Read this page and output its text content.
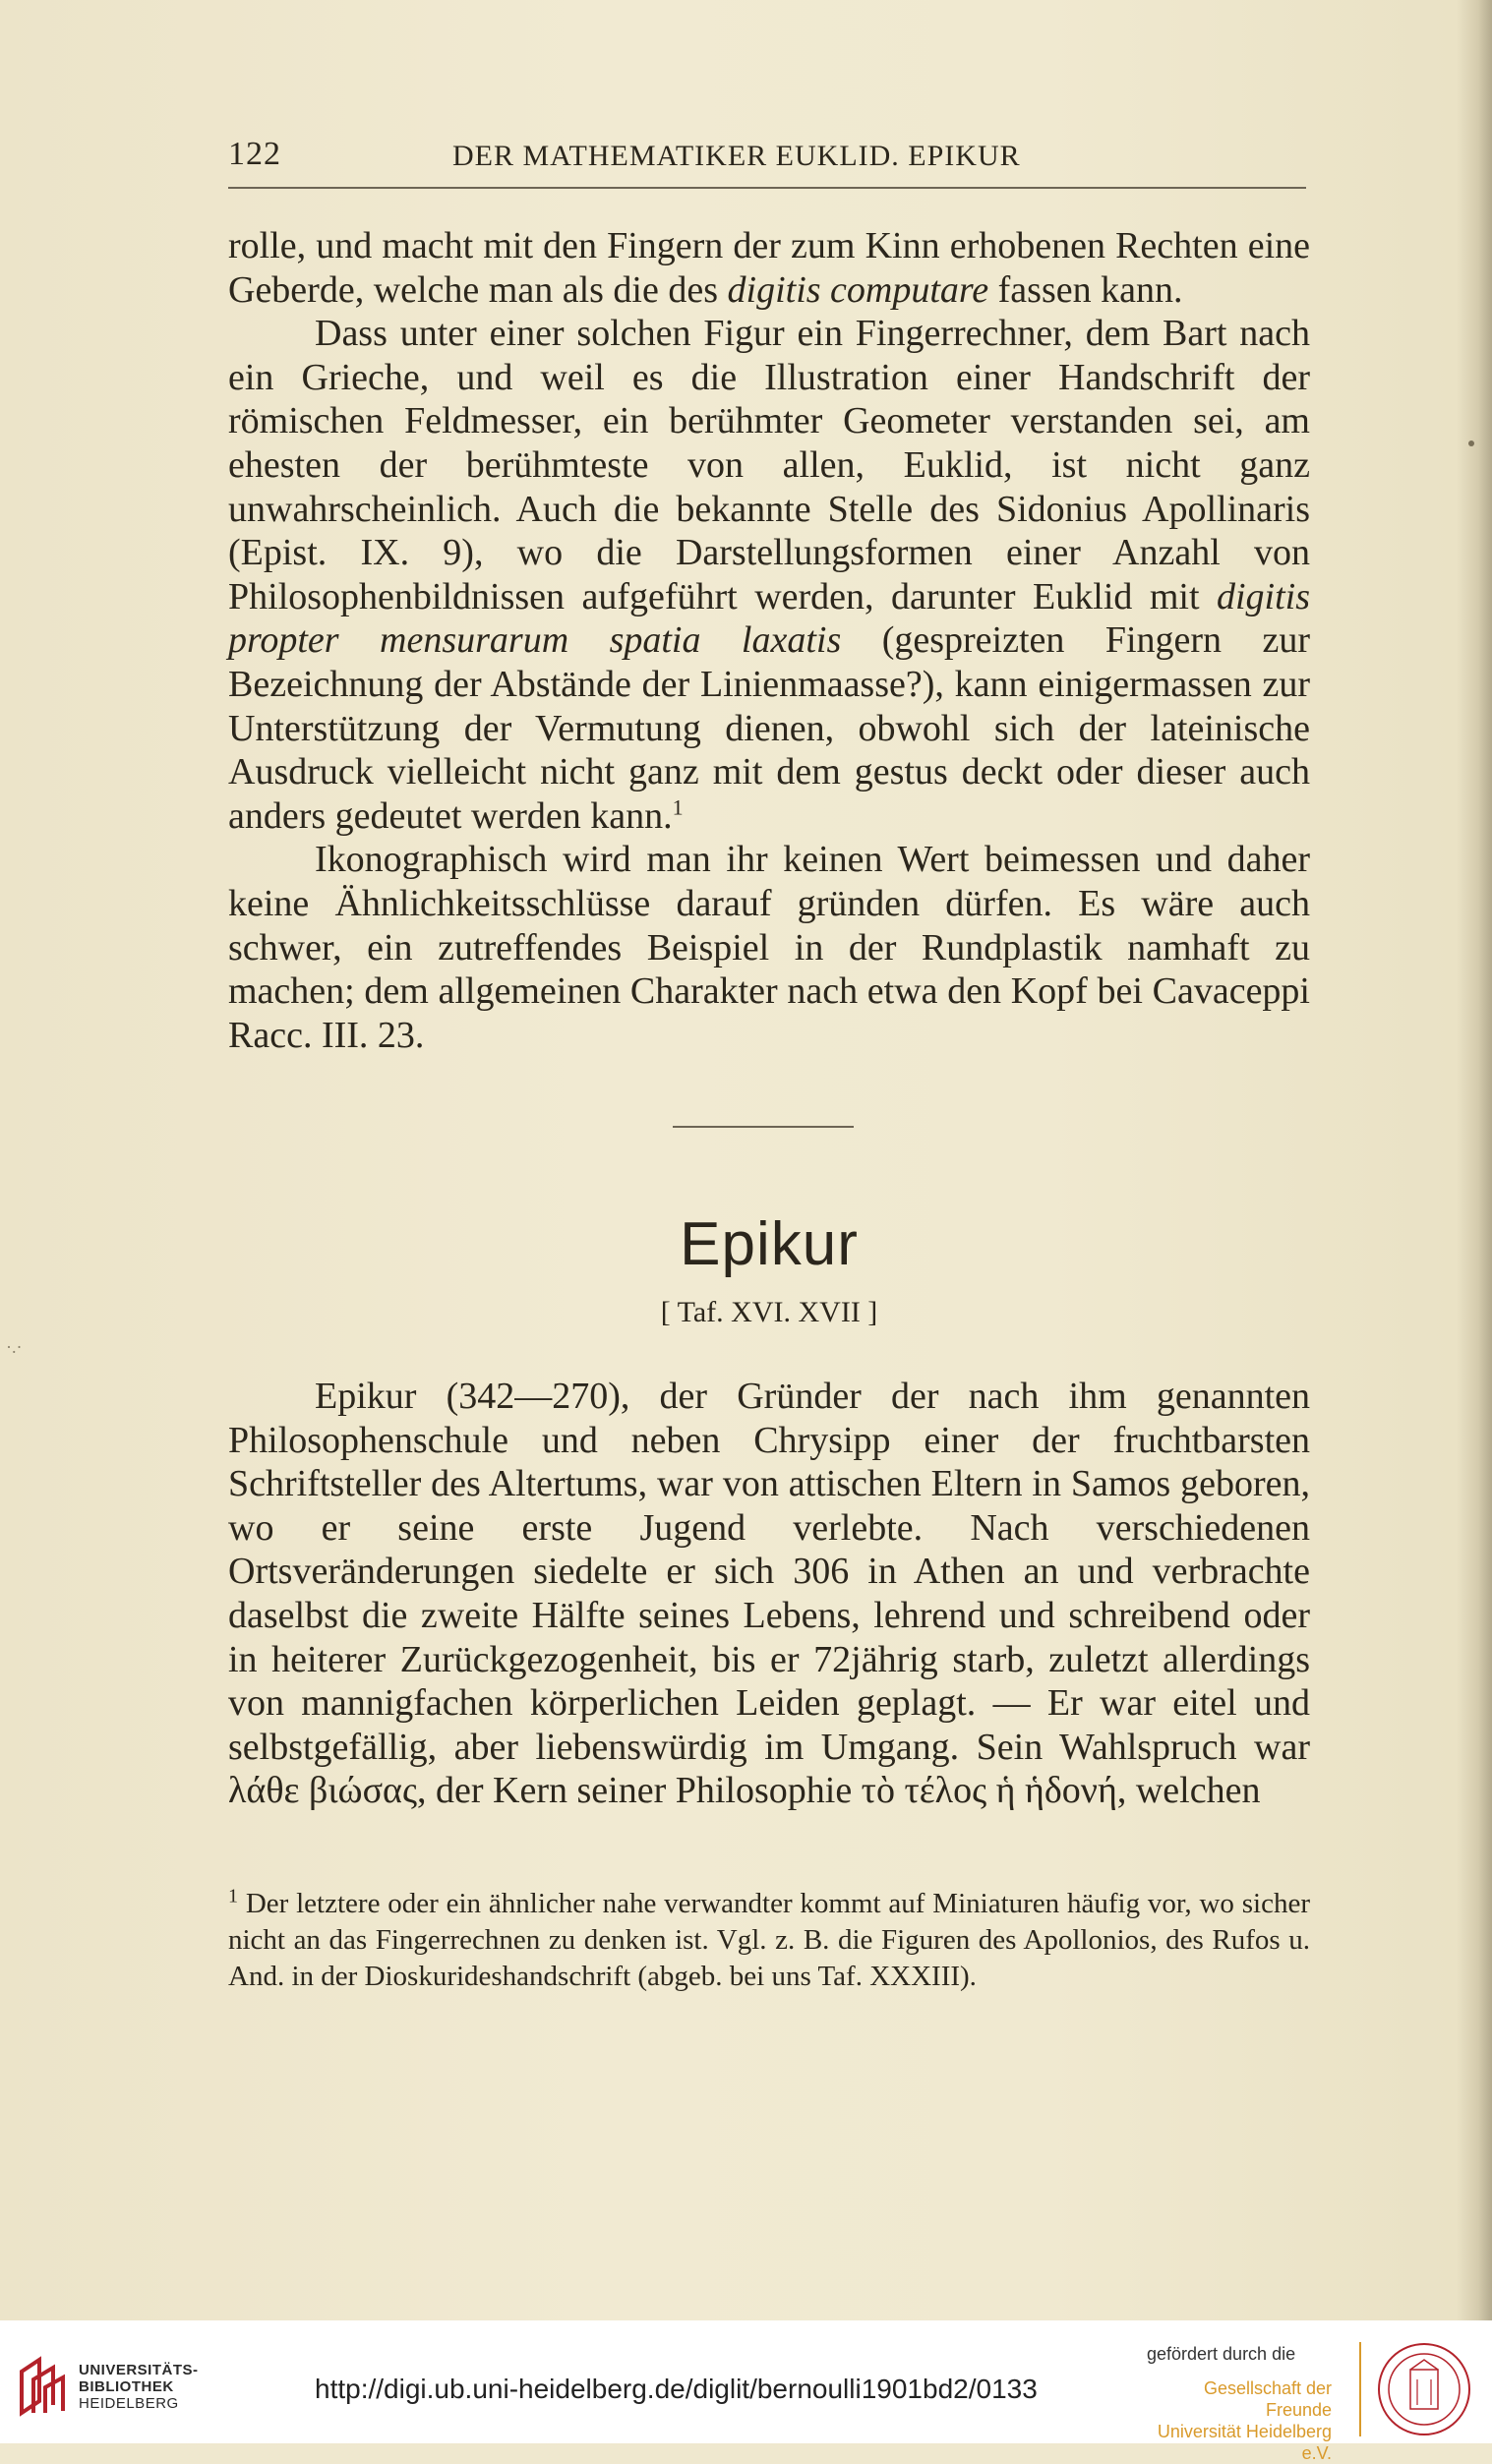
122	DER MATHEMATIKER EUKLID. EPIKUR

rolle, und macht mit den Fingern der zum Kinn erhobenen Rechten eine Geberde, welche man als die des digitis computare fassen kann.

Dass unter einer solchen Figur ein Fingerrechner, dem Bart nach ein Grieche, und weil es die Illustration einer Handschrift der römischen Feldmesser, ein berühmter Geometer verstanden sei, am ehesten der berühmteste von allen, Euklid, ist nicht ganz unwahrscheinlich. Auch die bekannte Stelle des Sidonius Apollinaris (Epist. IX. 9), wo die Darstellungsformen einer Anzahl von Philosophenbildnissen aufgeführt werden, darunter Euklid mit digitis propter mensurarum spatia laxatis (gespreizten Fingern zur Bezeichnung der Abstände der Linienmaasse?), kann einigermassen zur Unterstützung der Vermutung dienen, obwohl sich der lateinische Ausdruck vielleicht nicht ganz mit dem gestus deckt oder dieser auch anders gedeutet werden kann.$^1$

Ikonographisch wird man ihr keinen Wert beimessen und daher keine Ähnlichkeitsschlüsse darauf gründen dürfen. Es wäre auch schwer, ein zutreffendes Beispiel in der Rundplastik namhaft zu machen; dem allgemeinen Charakter nach etwa den Kopf bei Cavaceppi Racc. III. 23.

Epikur
[ Taf. XVI. XVII ]

Epikur (342—270), der Gründer der nach ihm genannten Philosophenschule und neben Chrysipp einer der fruchtbarsten Schriftsteller des Altertums, war von attischen Eltern in Samos geboren, wo er seine erste Jugend verlebte. Nach verschiedenen Ortsveränderungen siedelte er sich 306 in Athen an und verbrachte daselbst die zweite Hälfte seines Lebens, lehrend und schreibend oder in heiterer Zurückgezogenheit, bis er 72jährig starb, zuletzt allerdings von mannigfachen körperlichen Leiden geplagt. — Er war eitel und selbstgefällig, aber liebenswürdig im Umgang. Sein Wahlspruch war λάθε βιώσας, der Kern seiner Philosophie τὸ τέλος ἡ ἡδονή, welchen

$^1$ Der letztere oder ein ähnlicher nahe verwandter kommt auf Miniaturen häufig vor, wo sicher nicht an das Fingerrechnen zu denken ist. Vgl. z. B. die Figuren des Apollonios, des Rufos u. And. in der Dioskurideshandschrift (abgeb. bei uns Taf. XXXIII).
·.·
UNIVERSITÄTS-
BIBLIOTHEK
HEIDELBERG	http://digi.ub.uni-heidelberg.de/diglit/bernoulli1901bd2/0133
gefördert durch die
Gesellschaft der Freunde
Universität Heidelberg e.V.
